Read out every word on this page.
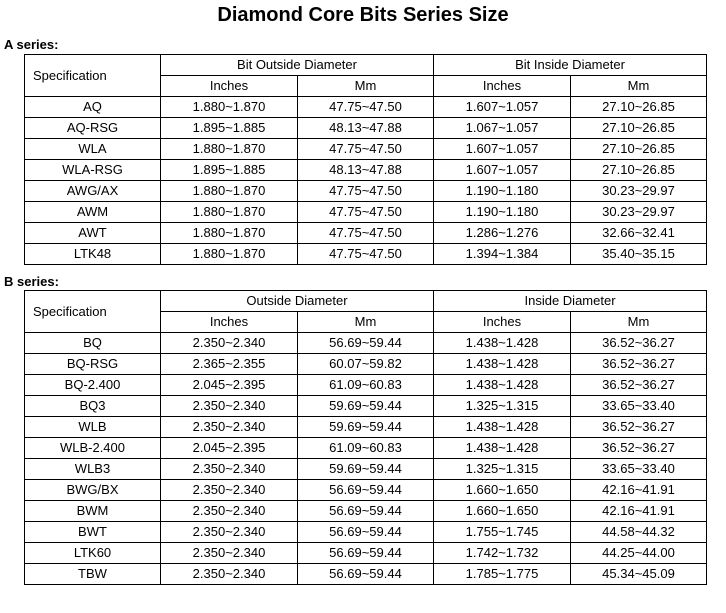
Diamond Core Bits Series Size
A series:
Specification	Bit Outside Diameter		Bit Inside Diameter	
	Inches	Mm	Inches	Mm
AQ	1.880~1.870	47.75~47.50	1.607~1.057	27.10~26.85
AQ-RSG	1.895~1.885	48.13~47.88	1.067~1.057	27.10~26.85
WLA	1.880~1.870	47.75~47.50	1.607~1.057	27.10~26.85
WLA-RSG	1.895~1.885	48.13~47.88	1.607~1.057	27.10~26.85
AWG/AX	1.880~1.870	47.75~47.50	1.190~1.180	30.23~29.97
AWM	1.880~1.870	47.75~47.50	1.190~1.180	30.23~29.97
AWT	1.880~1.870	47.75~47.50	1.286~1.276	32.66~32.41
LTK48	1.880~1.870	47.75~47.50	1.394~1.384	35.40~35.15
B series:
Specification	Outside Diameter		Inside Diameter	
	Inches	Mm	Inches	Mm
BQ	2.350~2.340	56.69~59.44	1.438~1.428	36.52~36.27
BQ-RSG	2.365~2.355	60.07~59.82	1.438~1.428	36.52~36.27
BQ-2.400	2.045~2.395	61.09~60.83	1.438~1.428	36.52~36.27
BQ3	2.350~2.340	59.69~59.44	1.325~1.315	33.65~33.40
WLB	2.350~2.340	59.69~59.44	1.438~1.428	36.52~36.27
WLB-2.400	2.045~2.395	61.09~60.83	1.438~1.428	36.52~36.27
WLB3	2.350~2.340	59.69~59.44	1.325~1.315	33.65~33.40
BWG/BX	2.350~2.340	56.69~59.44	1.660~1.650	42.16~41.91
BWM	2.350~2.340	56.69~59.44	1.660~1.650	42.16~41.91
BWT	2.350~2.340	56.69~59.44	1.755~1.745	44.58~44.32
LTK60	2.350~2.340	56.69~59.44	1.742~1.732	44.25~44.00
TBW	2.350~2.340	56.69~59.44	1.785~1.775	45.34~45.09
